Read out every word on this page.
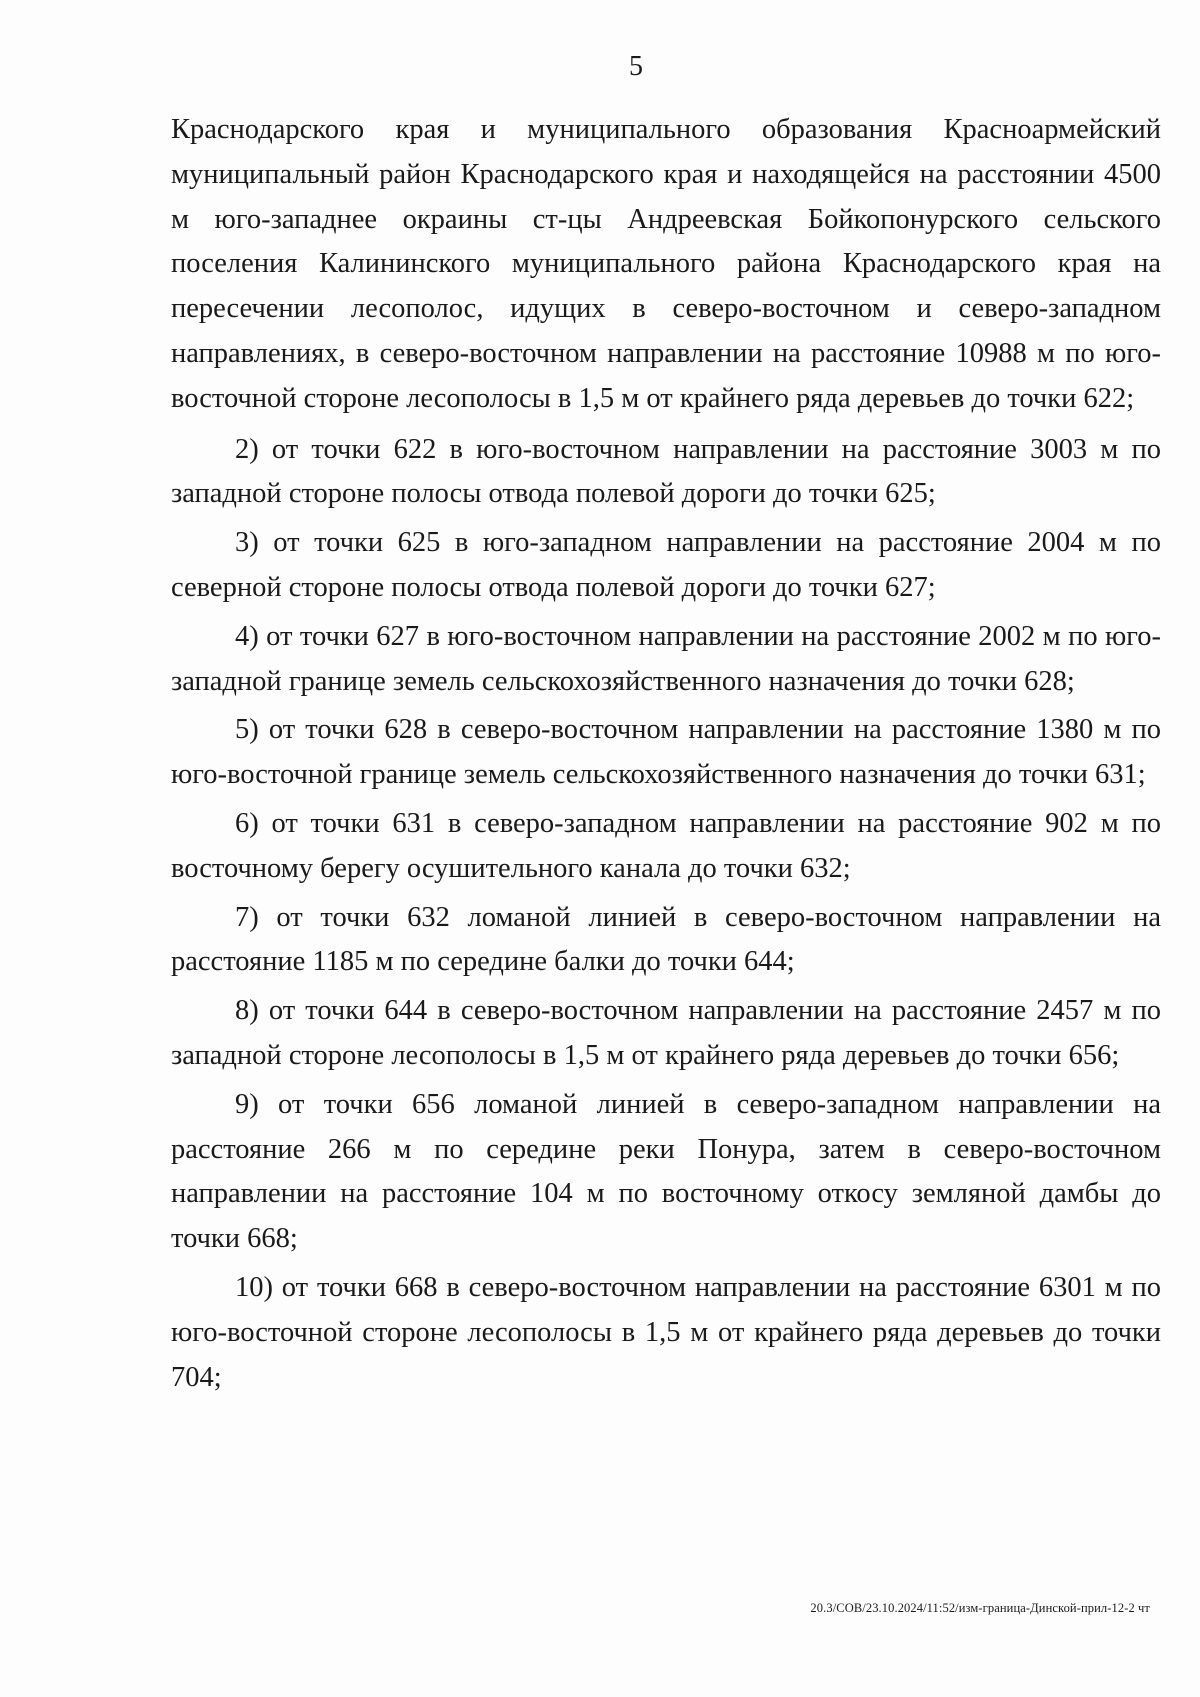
5

Краснодарского края и муниципального образования Красноармейский муниципальный район Краснодарского края и находящейся на расстоянии 4500 м юго-западнее окраины ст-цы Андреевская Бойкопонурского сельского поселения Калининского муниципального района Краснодарского края на пересечении лесополос, идущих в северо-восточном и северо-западном направлениях, в северо-восточном направлении на расстояние 10988 м по юго-восточной стороне лесополосы в 1,5 м от крайнего ряда деревьев до точки 622;

2) от точки 622 в юго-восточном направлении на расстояние 3003 м по западной стороне полосы отвода полевой дороги до точки 625;

3) от точки 625 в юго-западном направлении на расстояние 2004 м по северной стороне полосы отвода полевой дороги до точки 627;

4) от точки 627 в юго-восточном направлении на расстояние 2002 м по юго-западной границе земель сельскохозяйственного назначения до точки 628;

5) от точки 628 в северо-восточном направлении на расстояние 1380 м по юго-восточной границе земель сельскохозяйственного назначения до точки 631;

6) от точки 631 в северо-западном направлении на расстояние 902 м по восточному берегу осушительного канала до точки 632;

7) от точки 632 ломаной линией в северо-восточном направлении на расстояние 1185 м по середине балки до точки 644;

8) от точки 644 в северо-восточном направлении на расстояние 2457 м по западной стороне лесополосы в 1,5 м от крайнего ряда деревьев до точки 656;

9) от точки 656 ломаной линией в северо-западном направлении на расстояние 266 м по середине реки Понура, затем в северо-восточном направлении на расстояние 104 м по восточному откосу земляной дамбы до точки 668;

10) от точки 668 в северо-восточном направлении на расстояние 6301 м по юго-восточной стороне лесополосы в 1,5 м от крайнего ряда деревьев до точки 704;

20.3/СОВ/23.10.2024/11:52/изм-граница-Динской-прил-12-2 чт
